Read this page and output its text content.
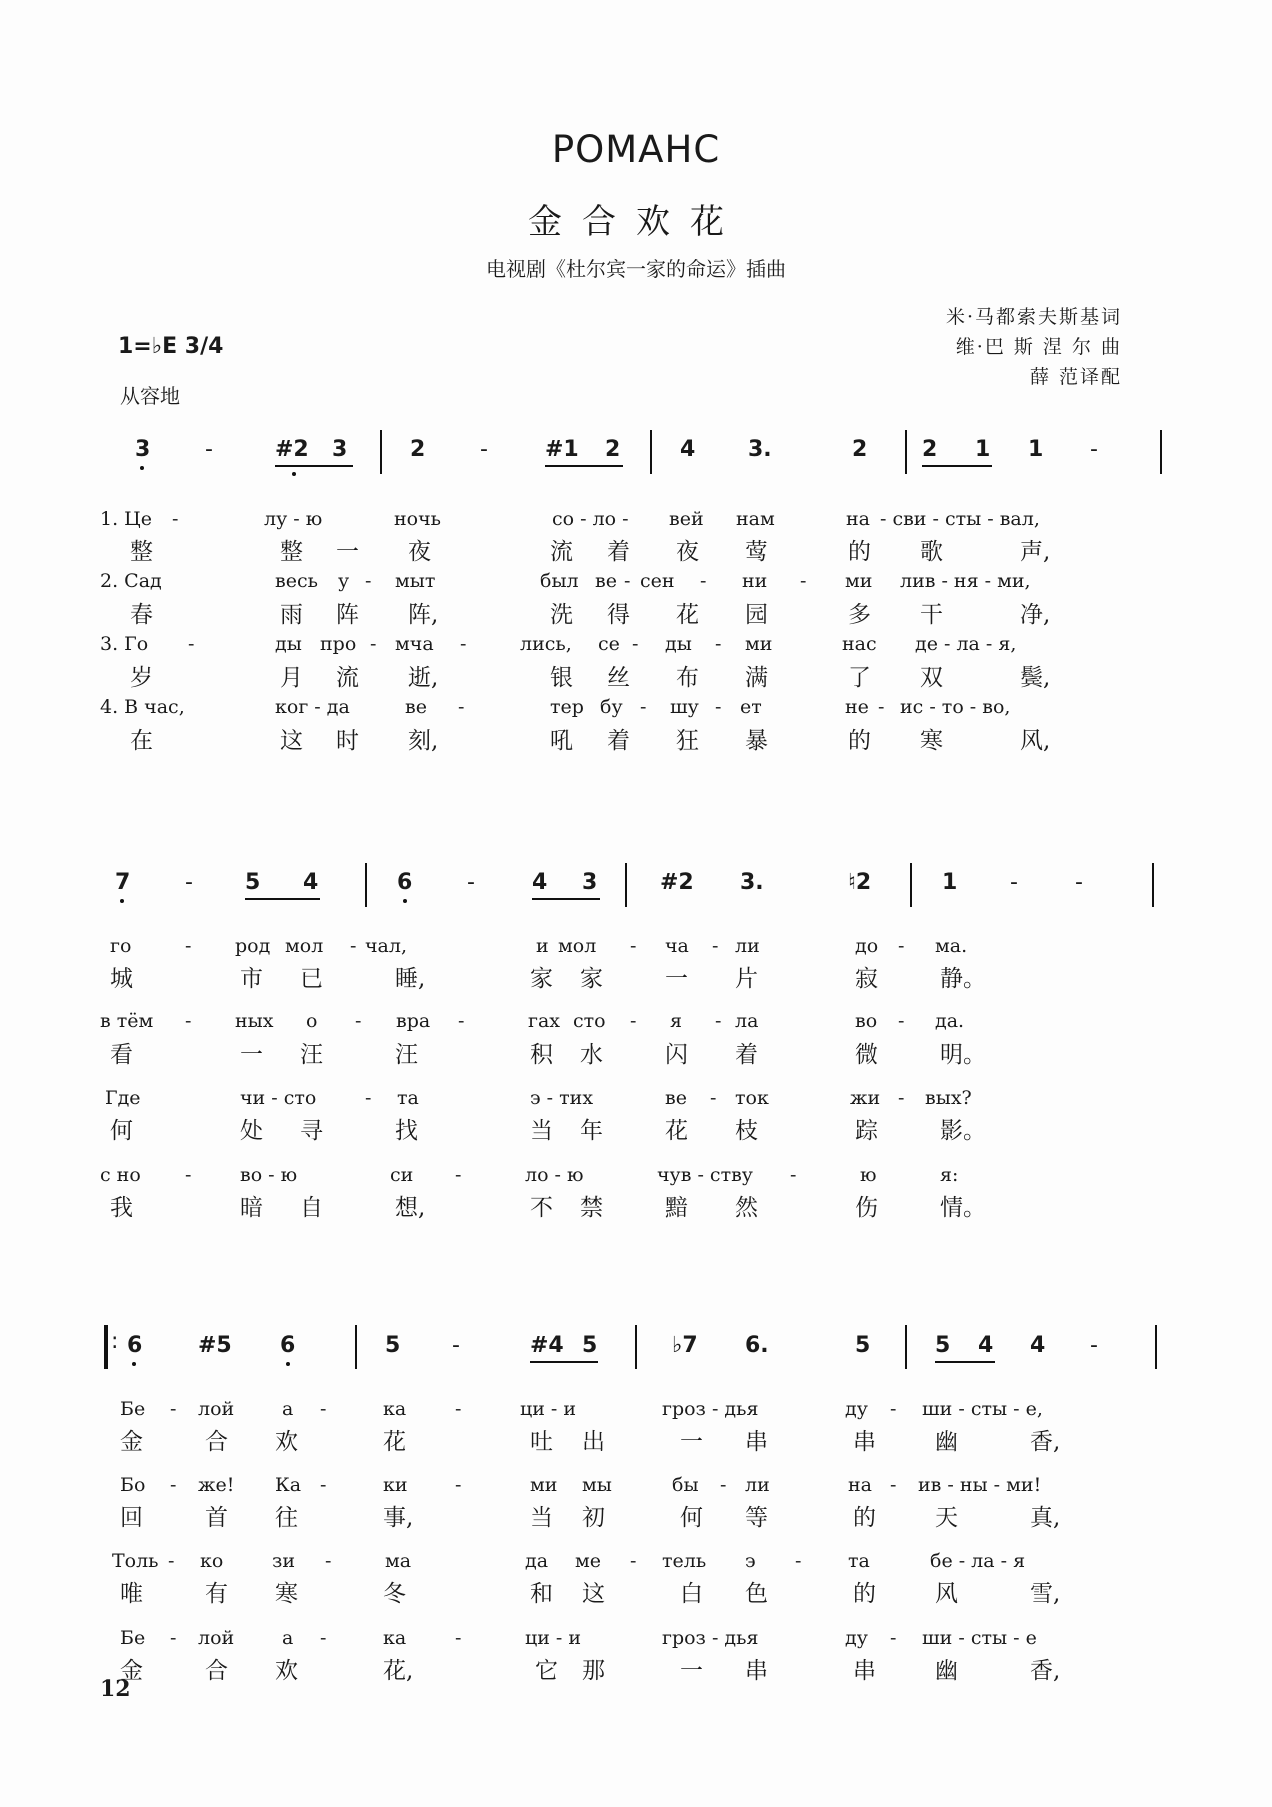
РОМАНС
金合欢花
电视剧《杜尔宾一家的命运》插曲
米·马都索夫斯基词
维·巴 斯 涅 尔 曲
薛 范译配
1=♭E 3/4
从容地
3 -	#2 3	2 -	#1 2	4 3.	2 2 1 1 -
1. Це -	лу - ю	ночь	со - ло - вей нам	на - сви - сты - вал,
整	整 一 夜	流 着 夜 莺	的 歌	声,
2. Сад	весь у - мыт	был ве - сен - ни - ми лив - ня - ми,
春	雨 阵 阵,	洗 得 花 园	多 干	净,
3. Го -	ды про - мча -	лись, се - ды - ми	нас де - ла - я,
岁	月 流 逝,	银 丝 布 满	了 双	鬓,
4. В час,	ког - да	ве -	тер бу - шу - ет	не - ис - то - во,
在	这 时 刻,	吼 着 狂 暴	的 寒	风,
7 - 5 4	6 -	4 3	#2 3.	♮2	1 -	-
го	- род мол - чал,	и мол - ча - ли	до - ма.
城	市 已	睡,	家 家	一 片	寂	静。
в тём - ных о - вра -	гах сто - я - ла	во - да.
看	一 汪	汪	积 水	闪 着	微	明。
Где	чи - сто	- та	э - тих	ве - ток	жи - вых?
何	处 寻	找	当 年	花 枝	踪	影。
с но -	во - ю	си -	ло - ю	чув - ству -	ю	я:
我	暗 自	想,	不 禁	黯 然	伤	情。
: 6	#5 6	5 -	#4 5	♭7 6.	5	5 4 4 -
Бе - лой	а -	ка	-	ци - и	гроз - дья	ду - ши - сты - е,
金	合 欢	花	吐 出	一 串	串	幽	香,
Бо - же! Ка -	ки -	ми мы	бы - ли	на - ив - ны - ми!
回	首 往	事,	当 初	何 等	的	天	真,
Толь - ко	зи -	ма	да ме - тель э - та	бе - ла - я
唯	有 寒	冬	和 这	白 色	的	风	雪,
Бе - лой	а -	ка	-	ци - и	гроз - дья	ду - ши - сты - е
金	合 欢	花,	它 那	一 串	串	幽	香,
12
